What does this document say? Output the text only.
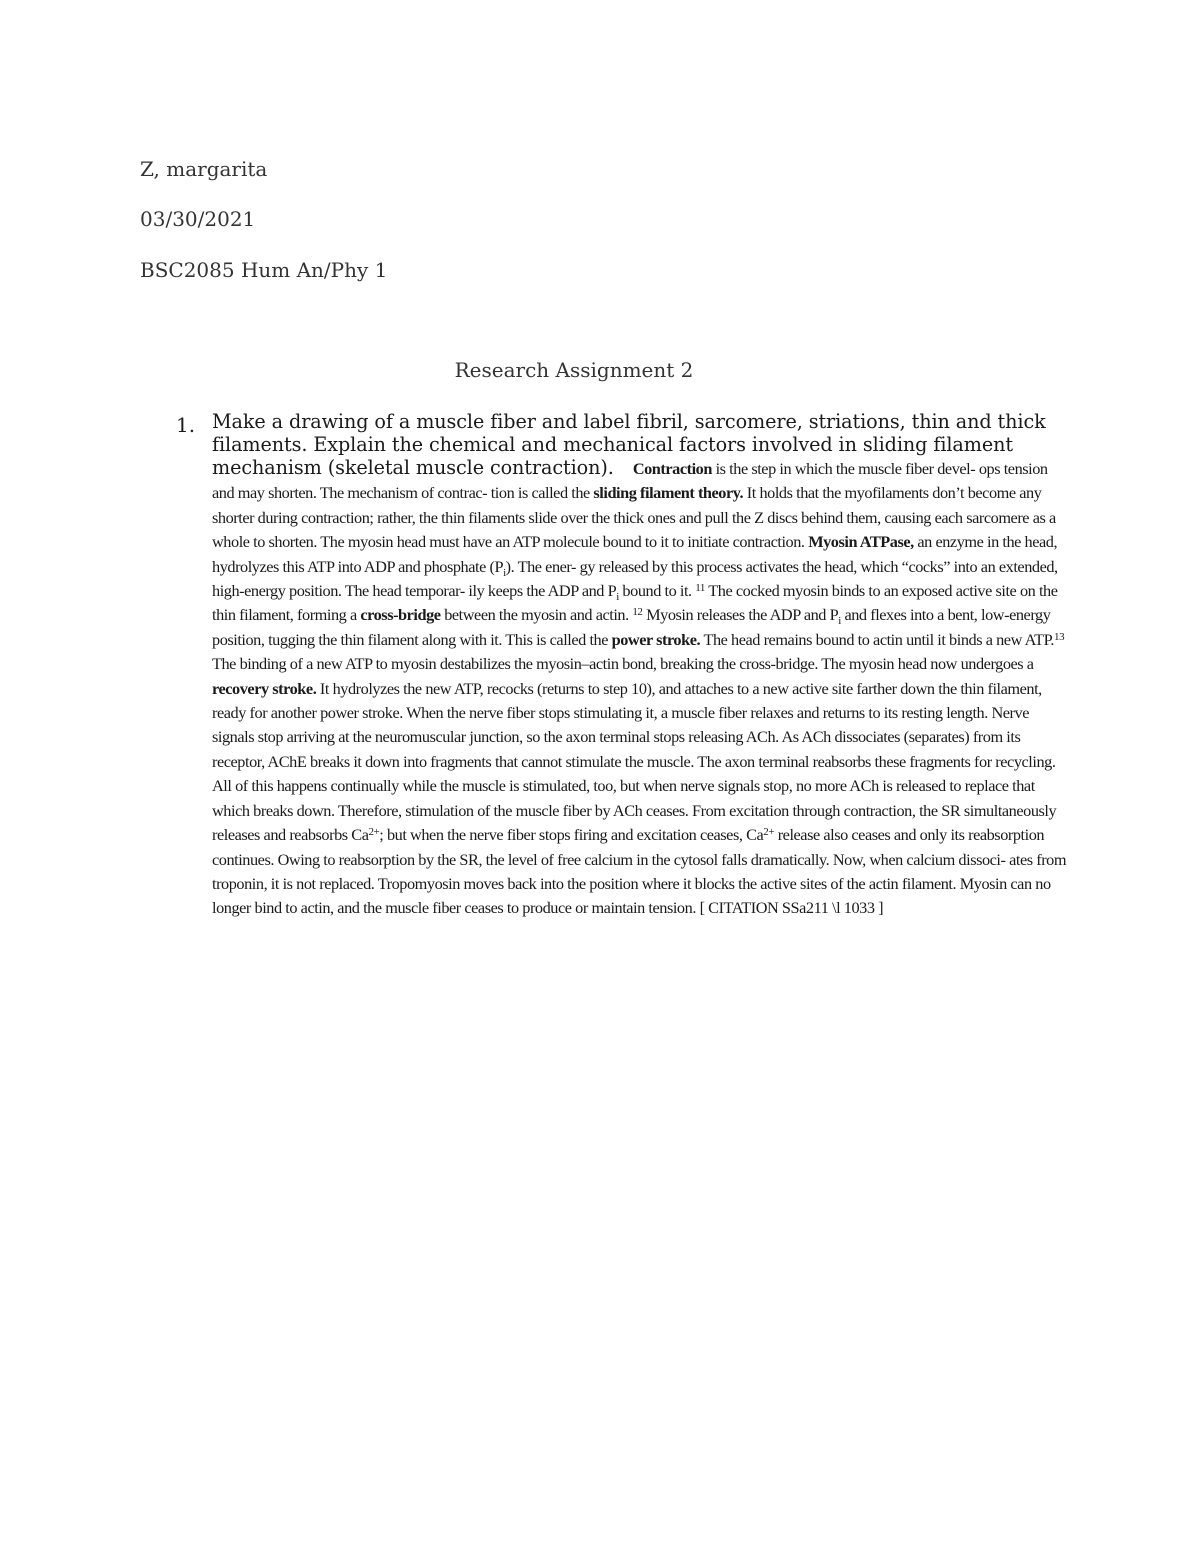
Z, margarita
03/30/2021
BSC2085 Hum An/Phy 1
Research Assignment 2
1. Make a drawing of a muscle fiber and label fibril, sarcomere, striations, thin and thick filaments. Explain the chemical and mechanical factors involved in sliding filament mechanism (skeletal muscle contraction). Contraction is the step in which the muscle fiber devel- ops tension and may shorten. The mechanism of contrac- tion is called the sliding filament theory. It holds that the myofilaments don’t become any shorter during contraction; rather, the thin filaments slide over the thick ones and pull the Z discs behind them, causing each sarcomere as a whole to shorten. The myosin head must have an ATP molecule bound to it to initiate contraction. Myosin ATPase, an enzyme in the head, hydrolyzes this ATP into ADP and phosphate $(P_i)$. The ener- gy released by this process activates the head, which “cocks” into an extended, high-energy position. The head temporar- ily keeps the ADP and $P_i$ bound to it. $^{11}$ The cocked myosin binds to an exposed active site on the thin filament, forming a cross-bridge between the myosin and actin. $^{12}$ Myosin releases the ADP and $P_i$ and flexes into a bent, low-energy position, tugging the thin filament along with it. This is called the power stroke. The head remains bound to actin until it binds a new ATP.$^{13}$ The binding of a new ATP to myosin destabilizes the myosin–actin bond, breaking the cross-bridge. The myosin head now undergoes a recovery stroke. It hydrolyzes the new ATP, recocks (returns to step 10), and attaches to a new active site farther down the thin filament, ready for another power stroke. When the nerve fiber stops stimulating it, a muscle fiber relaxes and returns to its resting length. Nerve signals stop arriving at the neuromuscular junction, so the axon terminal stops releasing ACh. As ACh dissociates (separates) from its receptor, AChE breaks it down into fragments that cannot stimulate the muscle. The axon terminal reabsorbs these fragments for recycling. All of this happens continually while the muscle is stimulated, too, but when nerve signals stop, no more ACh is released to replace that which breaks down. Therefore, stimulation of the muscle fiber by ACh ceases. From excitation through contraction, the SR simultaneously releases and reabsorbs $Ca^{2+}$; but when the nerve fiber stops firing and excitation ceases, $Ca^{2+}$ release also ceases and only its reabsorption continues. Owing to reabsorption by the SR, the level of free calcium in the cytosol falls dramatically. Now, when calcium dissoci- ates from troponin, it is not replaced. Tropomyosin moves back into the position where it blocks the active sites of the actin filament. Myosin can no longer bind to actin, and the muscle fiber ceases to produce or maintain tension. [ CITATION SSa211 \l 1033 ]
